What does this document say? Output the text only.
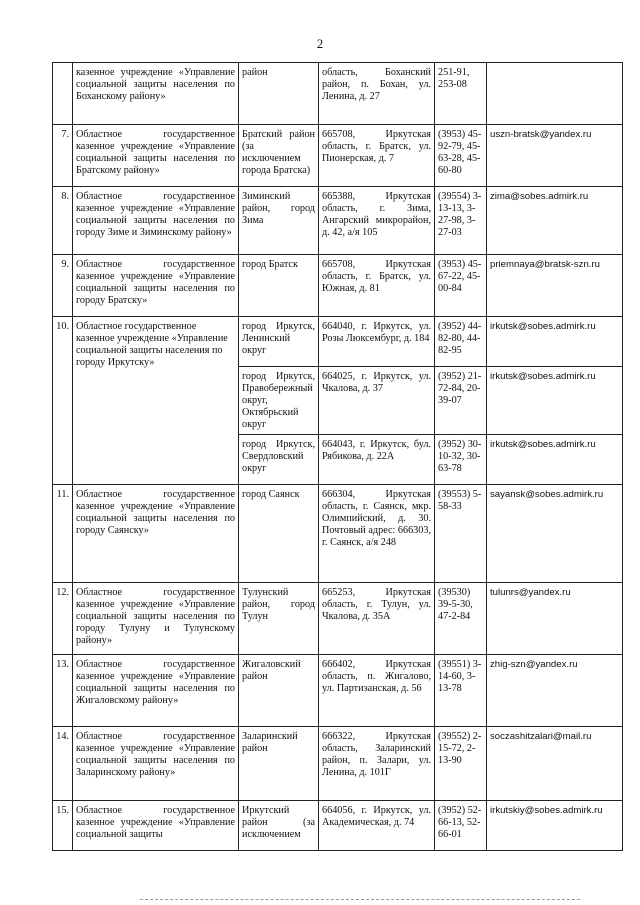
2
	казенное учреждение «Управление социальной защиты населения по Боханскому району»	район	область, Боханский район, п. Бохан, ул. Ленина, д. 27	251-91, 253-08	
7.	Областное государственное казенное учреждение «Управление социальной защиты населения по Братскому району»	Братский район (за исключением города Братска)	665708, Иркутская область, г. Братск, ул. Пионерская, д. 7	(3953) 45-92-79, 45-63-28, 45-60-80	uszn-bratsk@yandex.ru
8.	Областное государственное казенное учреждение «Управление социальной защиты населения по городу Зиме и Зиминскому району»	Зиминский район, город Зима	665388, Иркутская область, г. Зима, Ангарский микрорайон, д. 42, а/я 105	(39554) 3-13-13, 3-27-98, 3-27-03	zima@sobes.admirk.ru
9.	Областное государственное казенное учреждение «Управление социальной защиты населения по городу Братску»	город Братск	665708, Иркутская область, г. Братск, ул. Южная, д. 81	(3953) 45-67-22, 45-00-84	priemnaya@bratsk-szn.ru
10.	Областное государственное казенное учреждение «Управление социальной защиты населения по городу Иркутску»	город Иркутск, Ленинский округ	664040, г. Иркутск, ул. Розы Люксембург, д. 184	(3952) 44-82-80, 44-82-95	irkutsk@sobes.admirk.ru
		город Иркутск, Правобережный округ, Октябрьский округ	664025, г. Иркутск, ул. Чкалова, д. 37	(3952) 21-72-84, 20-39-07	irkutsk@sobes.admirk.ru
		город Иркутск, Свердловский округ	664043, г. Иркутск, бул. Рябикова, д. 22А	(3952) 30-10-32, 30-63-78	irkutsk@sobes.admirk.ru
11.	Областное государственное казенное учреждение «Управление социальной защиты населения по городу Саянску»	город Саянск	666304, Иркутская область, г. Саянск, мкр. Олимпийский, д. 30. Почтовый адрес: 666303, г. Саянск, а/я 248	(39553) 5-58-33	sayansk@sobes.admirk.ru
12.	Областное государственное казенное учреждение «Управление социальной защиты населения по городу Тулуну и Тулунскому району»	Тулунский район, город Тулун	665253, Иркутская область, г. Тулун, ул. Чкалова, д. 35А	(39530) 39-5-30, 47-2-84	tulunrs@yandex.ru
13.	Областное государственное казенное учреждение «Управление социальной защиты населения по Жигаловскому району»	Жигаловский район	666402, Иркутская область, п. Жигалово, ул. Партизанская, д. 56	(39551) 3-14-60, 3-13-78	zhig-szn@yandex.ru
14.	Областное государственное казенное учреждение «Управление социальной защиты населения по Заларинскому району»	Заларинский район	666322, Иркутская область, Заларинский район, п. Залари, ул. Ленина, д. 101Г	(39552) 2-15-72, 2-13-90	soczashitzalari@mail.ru
15.	Областное государственное казенное учреждение «Управление социальной защиты	Иркутский район (за исключением	664056, г. Иркутск, ул. Академическая, д. 74	(3952) 52-66-13, 52-66-01	irkutskiy@sobes.admirk.ru
